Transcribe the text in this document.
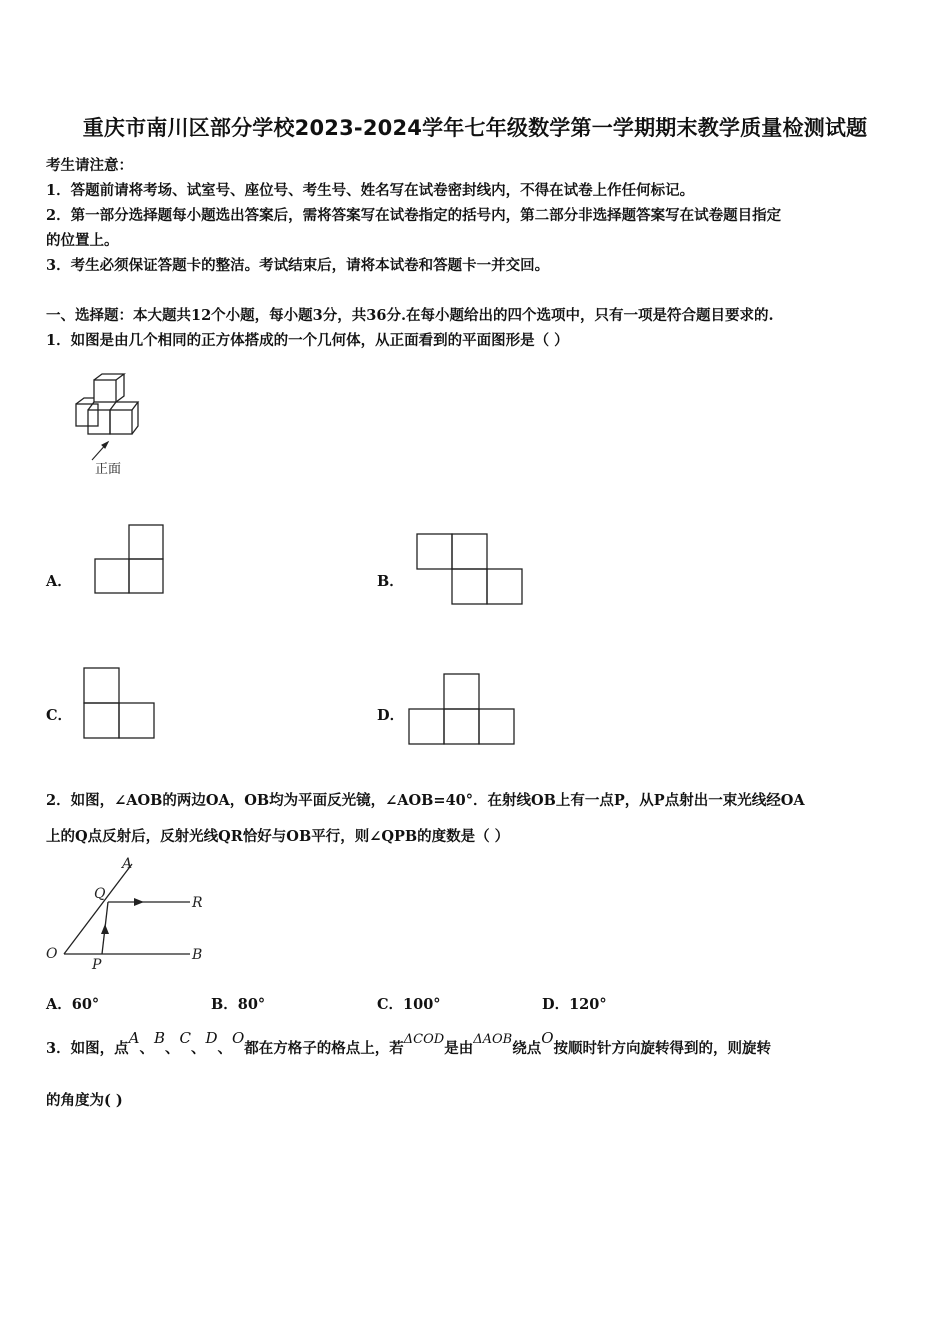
重庆市南川区部分学校2023-2024学年七年级数学第一学期期末教学质量检测试题
考生请注意：
1．答题前请将考场、试室号、座位号、考生号、姓名写在试卷密封线内，不得在试卷上作任何标记。
2．第一部分选择题每小题选出答案后，需将答案写在试卷指定的括号内，第二部分非选择题答案写在试卷题目指定
的位置上。
3．考生必须保证答题卡的整洁。考试结束后，请将本试卷和答题卡一并交回。
一、选择题：本大题共12个小题，每小题3分，共36分.在每小题给出的四个选项中，只有一项是符合题目要求的.
1．如图是由几个相同的正方体搭成的一个几何体，从正面看到的平面图形是（ ）
正面
A．	B．
C．	D．
2．如图，∠AOB的两边OA，OB均为平面反光镜，∠AOB=40°．在射线OB上有一点P，从P点射出一束光线经OA
上的Q点反射后，反射光线QR恰好与OB平行，则∠QPB的度数是（ ）
A
Q
R
O
P
B
A．60°	B．80°	C．100°	D．120°
3．如图，点A、B、C、D、O都在方格子的格点上，若ΔCOD是由ΔAOB绕点O按顺时针方向旋转得到的，则旋转
的角度为( )
